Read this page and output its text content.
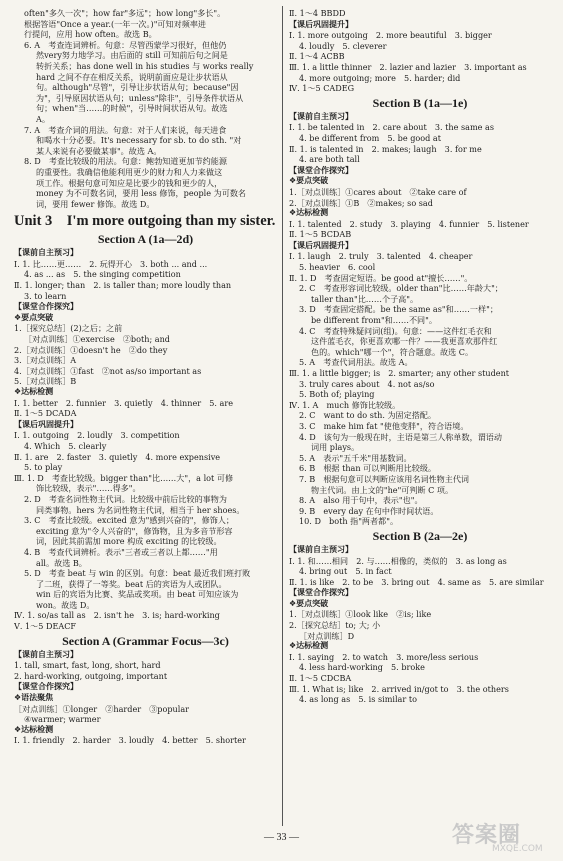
often"多久一次"；how far"多远"；how long"多长"。
根据答语"Once a year.(一年一次。)"可知对频率进
行提问，应用 how often。故选 B。
6. A　考查连词辨析。句意：尽管西蒙学习很好，但他仍
然very努力地学习。由后面的 still 可知前后句之间是
转折关系；has done well in his studies 与 works really
hard 之间不存在相反关系，说明前面应是让步状语从
句。although"尽管"，引导让步状语从句；because"因
为"，引导原因状语从句；unless"除非"，引导条件状语从
句；when"当……的时候"，引导时间状语从句。故选
A。
7. A　考查介词的用法。句意：对于人们来说，每天进食
和喝水十分必要。It's necessary for sb. to do sth. "对
某人来说有必要做某事"。故选 A。
8. D　考查比较级的用法。句意：鲍勃知道更加节约能源
的重要性。我确信他能利用更少的财力和人力来做这
项工作。根据句意可知应是比要少的钱和更少的人，
money 为不可数名词，要用 less 修饰，people 为可数名
词，要用 fewer 修饰。故选 D。
Unit 3　I'm more outgoing than my sister.
Section A (1a—2d)
【课前自主预习】
Ⅰ. 1. 比……更……　2. 玩得开心　3. both ... and ...
4. as ... as　5. the singing competition
Ⅱ. 1. longer; than　2. is taller than; more loudly than
3. to learn
【课堂合作探究】
❖要点突破
1.［探究总结］(2)之后；之前
［对点训练］①exercise　②both; and
2.［对点训练］①doesn't he　②do they
3.［对点训练］A
4.［对点训练］①fast　②not as/so important as
5.［对点训练］B
❖达标检测
Ⅰ. 1. better　2. funnier　3. quietly　4. thinner　5. are
Ⅱ. 1～5 DCADA
【课后巩固提升】
Ⅰ. 1. outgoing　2. loudly　3. competition
4. Which　5. clearly
Ⅱ. 1. are　2. faster　3. quietly　4. more expensive
5. to play
Ⅲ. 1. D　考查比较级。bigger than"比……大"，a lot 可修
饰比较级，表示"……得多"。
2. D　考查名词性物主代词。比较级中前后比较的事物为
同类事物。hers 为名词性物主代词，相当于 her shoes。
3. C　考查比较级。excited 意为"感到兴奋的"，修饰人；
exciting 意为"令人兴奋的"，修饰物，且为多音节形容
词，因此其前需加 more 构成 exciting 的比较级。
4. B　考查代词辨析。表示"三者或三者以上都……"用
all。故选 B。
5. D　考查 beat 与 win 的区别。句意：beat 最近我们班打败
了二班，获得了一等奖。beat 后的宾语为人或团队。
win 后的宾语为比赛、奖品或奖项。由 beat 可知应该为
won。故选 D。
Ⅳ. 1. so/as tall as　2. isn't he　3. is; hard-working
Ⅴ. 1～5 DEACF
Section A (Grammar Focus—3c)
【课前自主预习】
1. tall, smart, fast, long, short, hard
2. hard-working, outgoing, important
【课堂合作探究】
❖语法聚焦
［对点训练］①longer　②harder　③popular
④warmer; warmer
❖达标检测
Ⅰ. 1. friendly　2. harder　3. loudly　4. better　5. shorter
Ⅱ. 1～4 BBDD
【课后巩固提升】
Ⅰ. 1. more outgoing　2. more beautiful　3. bigger
4. loudly　5. cleverer
Ⅱ. 1～4 ACBB
Ⅲ. 1. a little thinner　2. lazier and lazier　3. important as
4. more outgoing; more　5. harder; did
Ⅳ. 1～5 CADEG
Section B (1a—1e)
【课前自主预习】
Ⅰ. 1. be talented in　2. care about　3. the same as
4. be different from　5. be good at
Ⅱ. 1. is talented in　2. makes; laugh　3. for me
4. are both tall
【课堂合作探究】
❖要点突破
1.［对点训练］①cares about　②take care of
2.［对点训练］①B　②makes; so sad
❖达标检测
Ⅰ. 1. talented　2. study　3. playing　4. funnier　5. listener
Ⅱ. 1～5 BCDAB
【课后巩固提升】
Ⅰ. 1. laugh　2. truly　3. talented　4. cheaper
5. heavier　6. cool
Ⅱ. 1. D　考查固定短语。be good at"擅长……"。
2. C　考查形容词比较级。older than"比……年龄大"；
taller than"比……个子高"。
3. D　考查固定搭配。be the same as"和……一样"；
be different from"和……不同"。
4. C　考查特殊疑问词(组)。句意：——这件红毛衣和
这件蓝毛衣，你更喜欢哪一件？——我更喜欢那件红
色的。which"哪一个"，符合题意。故选 C。
5. A　考查代词用法。故选 A。
Ⅲ. 1. a little bigger; is　2. smarter; any other student
3. truly cares about　4. not as/so
5. Both of; playing
Ⅳ. 1. A　much 修饰比较级。
2. C　want to do sth. 为固定搭配。
3. C　make him fat "使他变胖"，符合语境。
4. D　该句为一般现在时，主语是第三人称单数，谓语动
词用 plays。
5. A　表示"五千米"用基数词。
6. B　根据 than 可以判断用比较级。
7. B　根据句意可以判断应该用名词性物主代词
物主代词。由上文的"he"可判断 C 项。
8. A　also 用于句中，表示"也"。
9. B　every day 在句中作时间状语。
10. D　both 指"两者都"。
Section B (2a—2e)
【课前自主预习】
Ⅰ. 1. 和……相同　2. 与……相像的，类似的　3. as long as
4. bring out　5. in fact
Ⅱ. 1. is like　2. to be　3. bring out　4. same as　5. are similar
【课堂合作探究】
❖要点突破
1.［对点训练］①look like　②is; like
2.［探究总结］to; 大; 小
［对点训练］D
❖达标检测
Ⅰ. 1. saying　2. to watch　3. more/less serious
4. less hard-working　5. broke
Ⅱ. 1～5 CDCBA
Ⅲ. 1. What is; like　2. arrived in/got to　3. the others
4. as long as　5. is similar to
— 33 —	答案圈
MXQE.COM
